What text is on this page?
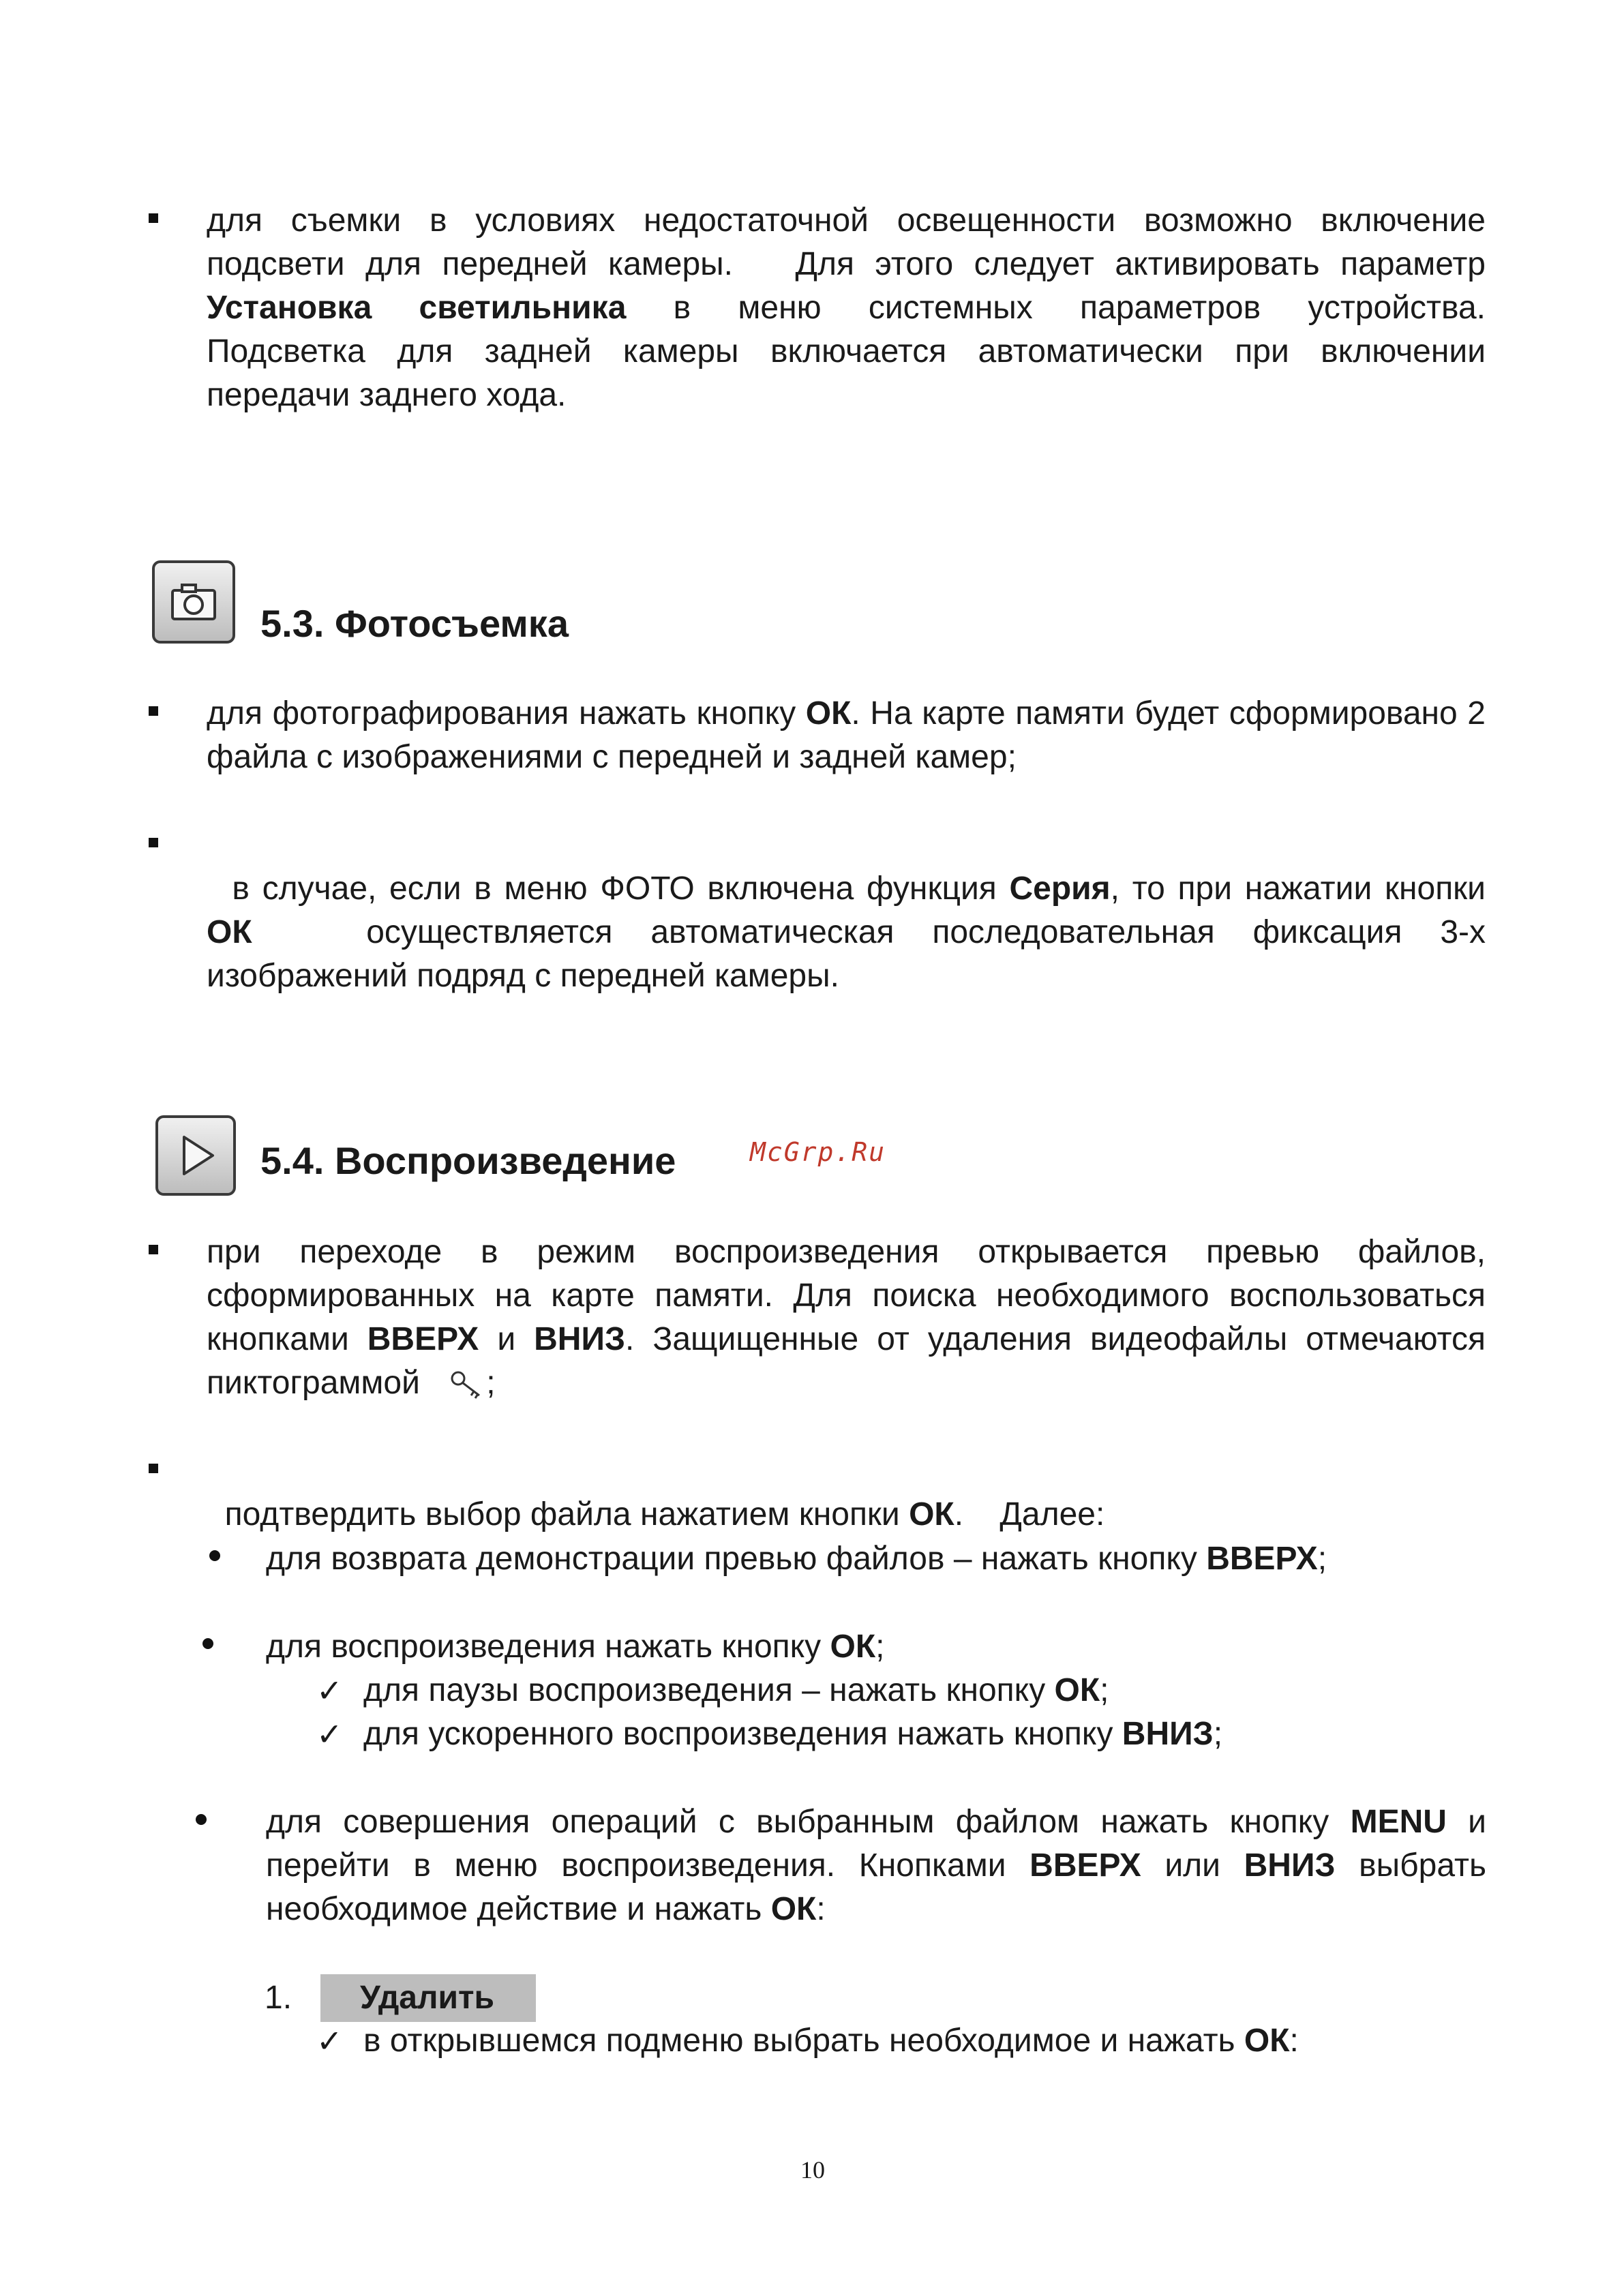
для съемки в условиях недостаточной освещенности возможно включение
подсвети для передней камеры.   Для этого следует активировать параметр
Установка светильника в меню системных параметров устройства.
Подсветка для задней камеры включается автоматически при включении
передачи заднего хода.
5.3. Фотосъемка
для фотографирования нажать кнопку ОК. На карте памяти будет сформировано 2 файла с изображениями с передней и задней камер;

в случае, если в меню ФОТО включена функция Серия, то при нажатии кнопки ОК   осуществляется автоматическая последовательная фиксация 3-х изображений подряд с передней камеры.

McGrp.Ru
5.4. Воспроизведение
при переходе в режим воспроизведения открывается превью файлов, сформированных на карте памяти. Для поиска необходимого воспользоваться кнопками ВВЕРХ и ВНИЗ. Защищенные от удаления видеофайлы отмечаются пиктограммой ;

подтвердить выбор файла нажатием кнопки ОК.    Далее:

для возврата демонстрации превью файлов – нажать кнопку ВВЕРХ;
для воспроизведения нажать кнопку ОК;
✓ для паузы воспроизведения – нажать кнопку ОК;
✓ для ускоренного воспроизведения нажать кнопку ВНИЗ;
для совершения операций с выбранным файлом нажать кнопку MENU и перейти в меню воспроизведения. Кнопками ВВЕРХ или ВНИЗ выбрать необходимое действие и нажать ОК:
1.	Удалить
✓ в открывшемся подменю выбрать необходимое и нажать ОК:
10
